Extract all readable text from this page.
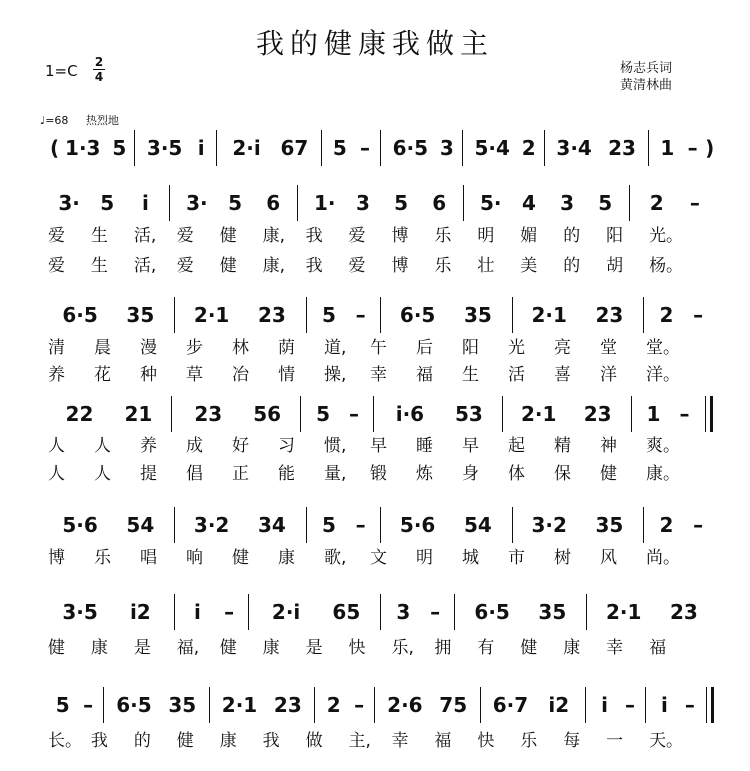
我的健康我做主
1=C 2
4
杨志兵词
黄清林曲
♩=68 热烈地
( 1·3 5	3·5 i	2·i 67	5 –	6·5 3	5·4 2	3·4 23	1 – )
3·	5	i	3·	5	6	1·	3	5	6	5·	4	3	5	2	–
6·5	35	2·1	23	5 –	6·5	35	2·1	23	2 –
22	21	23	56	5 –	i·6	53	2·1	23	1 –
5·6	54	3·2	34	5 –	5·6	54	3·2	35	2 –
3·5	i2	i	–	2·i	65	3 –	6·5	35	2·1	23
5 –	6·5 35	2·1 23	2 –	2·6 75	6·7	i2	i –	i –
爱 生 活, 爱 健 康, 我 爱 博 乐 明 媚 的 阳 光。
爱 生 活, 爱 健 康, 我 爱 博 乐 壮 美 的 胡 杨。
清 晨 漫 步 林 荫 道, 午 后 阳 光 亮 堂 堂。
养 花 种 草 冶 情 操, 幸 福 生 活 喜 洋 洋。
人 人 养 成 好 习 惯, 早 睡 早 起 精 神 爽。
人 人 提 倡 正 能 量, 锻 炼 身 体 保 健 康。
博 乐 唱 响 健 康 歌, 文 明 城 市 树 风 尚。
健 康 是 福, 健 康 是 快 乐, 拥 有 健 康 幸 福
长。 我 的 健 康 我 做 主, 幸 福 快 乐 每 一 天。
